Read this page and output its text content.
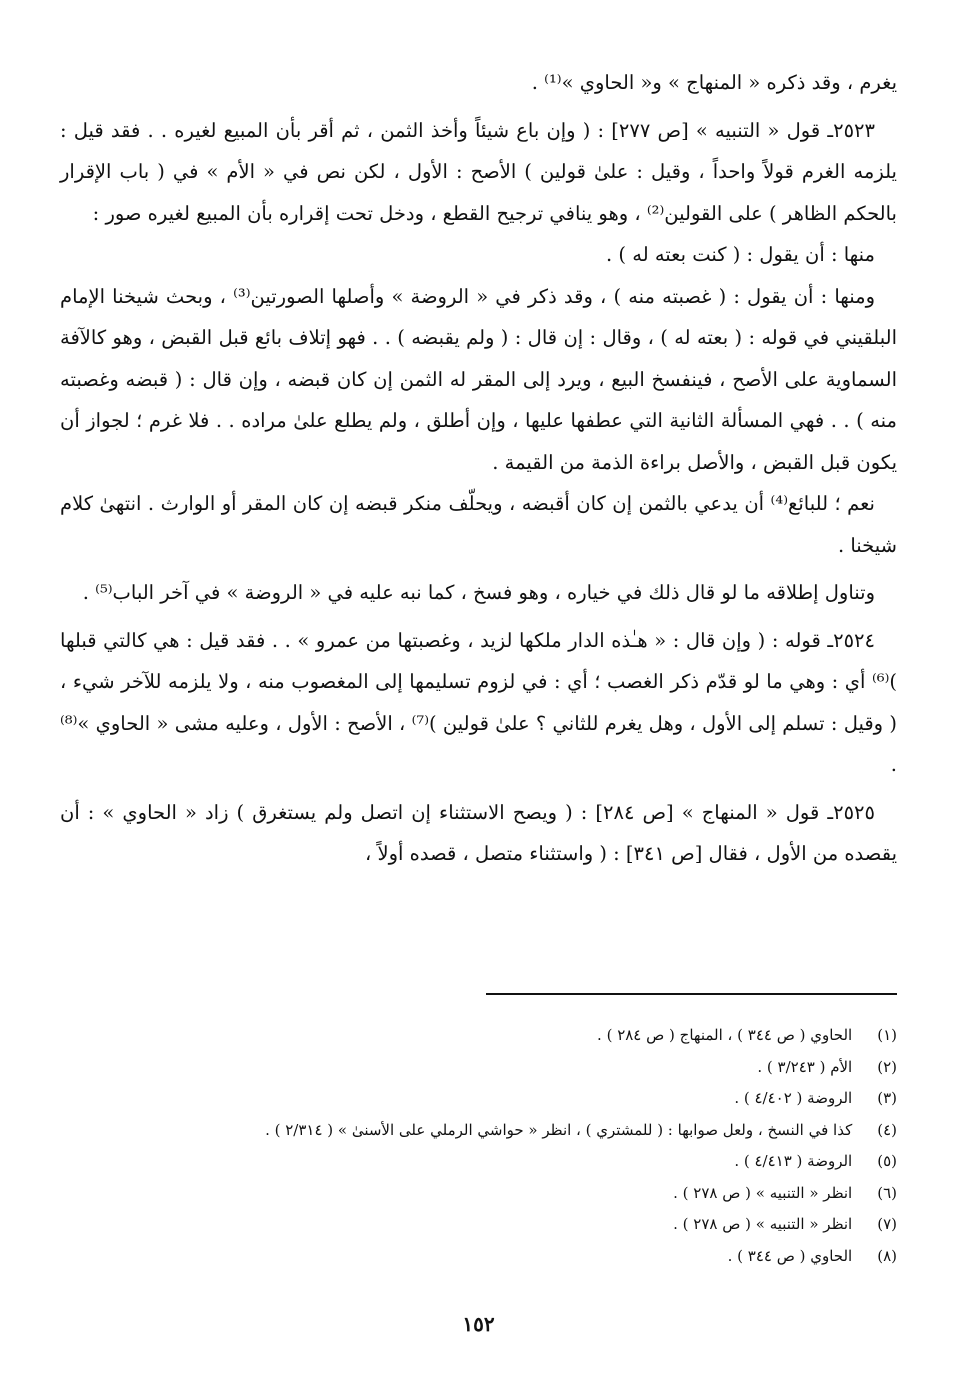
يغرم ، وقد ذكره « المنهاج » و« الحاوي »⁽¹⁾ .

٢٥٢٣ـ قول « التنبيه » [ص ٢٧٧] : ( وإن باع شيئاً وأخذ الثمن ، ثم أقر بأن المبيع لغيره . . فقد قيل : يلزمه الغرم قولاً واحداً ، وقيل : علىٰ قولين ) الأصح : الأول ، لكن نص في « الأم » في ( باب الإقرار بالحكم الظاهر ) على القولين⁽²⁾ ، وهو ينافي ترجيح القطع ، ودخل تحت إقراره بأن المبيع لغيره صور :

منها : أن يقول : ( كنت بعته له ) .

ومنها : أن يقول : ( غصبته منه ) ، وقد ذكر في « الروضة » وأصلها الصورتين⁽³⁾ ، وبحث شيخنا الإمام البلقيني في قوله : ( بعته له ) ، وقال : إن قال : ( ولم يقبضه ) . . فهو إتلاف بائع قبل القبض ، وهو كالآفة السماوية على الأصح ، فينفسخ البيع ، ويرد إلى المقر له الثمن إن كان قبضه ، وإن قال : ( قبضه وغصبته منه ) . . فهي المسألة الثانية التي عطفها عليها ، وإن أطلق ، ولم يطلع علىٰ مراده . . فلا غرم ؛ لجواز أن يكون قبل القبض ، والأصل براءة الذمة من القيمة .

نعم ؛ للبائع⁽⁴⁾ أن يدعي بالثمن إن كان أقبضه ، ويحلّف منكر قبضه إن كان المقر أو الوارث . انتهىٰ كلام شيخنا .

وتناول إطلاقه ما لو قال ذلك في خياره ، وهو فسخ ، كما نبه عليه في « الروضة » في آخر الباب⁽⁵⁾ .

٢٥٢٤ـ قوله : ( وإن قال : « هـٰذه الدار ملكها لزيد ، وغصبتها من عمرو » . . فقد قيل : هي كالتي قبلها )⁽⁶⁾ أي : وهي ما لو قدّم ذكر الغصب ؛ أي : في لزوم تسليمها إلى المغصوب منه ، ولا يلزمه للآخر شيء ، ( وقيل : تسلم إلى الأول ، وهل يغرم للثاني ؟ علىٰ قولين )⁽⁷⁾ ، الأصح : الأول ، وعليه مشى « الحاوي »⁽⁸⁾ .

٢٥٢٥ـ قول « المنهاج » [ص ٢٨٤] : ( ويصح الاستثناء إن اتصل ولم يستغرق ) زاد « الحاوي » : أن يقصده من الأول ، فقال [ص ٣٤١] : ( واستثناء متصل ، قصده أولاً ،

(١) الحاوي ( ص ٣٤٤ ) ، المنهاج ( ص ٢٨٤ ) .
(٢) الأم ( ٣/٢٤٣ ) .
(٣) الروضة ( ٤/٤٠٢ ) .
(٤) كذا في النسخ ، ولعل صوابها : ( للمشتري ) ، انظر « حواشي الرملي على الأسنىٰ » ( ٢/٣١٤ ) .
(٥) الروضة ( ٤/٤١٣ ) .
(٦) انظر « التنبيه » ( ص ٢٧٨ ) .
(٧) انظر « التنبيه » ( ص ٢٧٨ ) .
(٨) الحاوي ( ص ٣٤٤ ) .
١٥٢
